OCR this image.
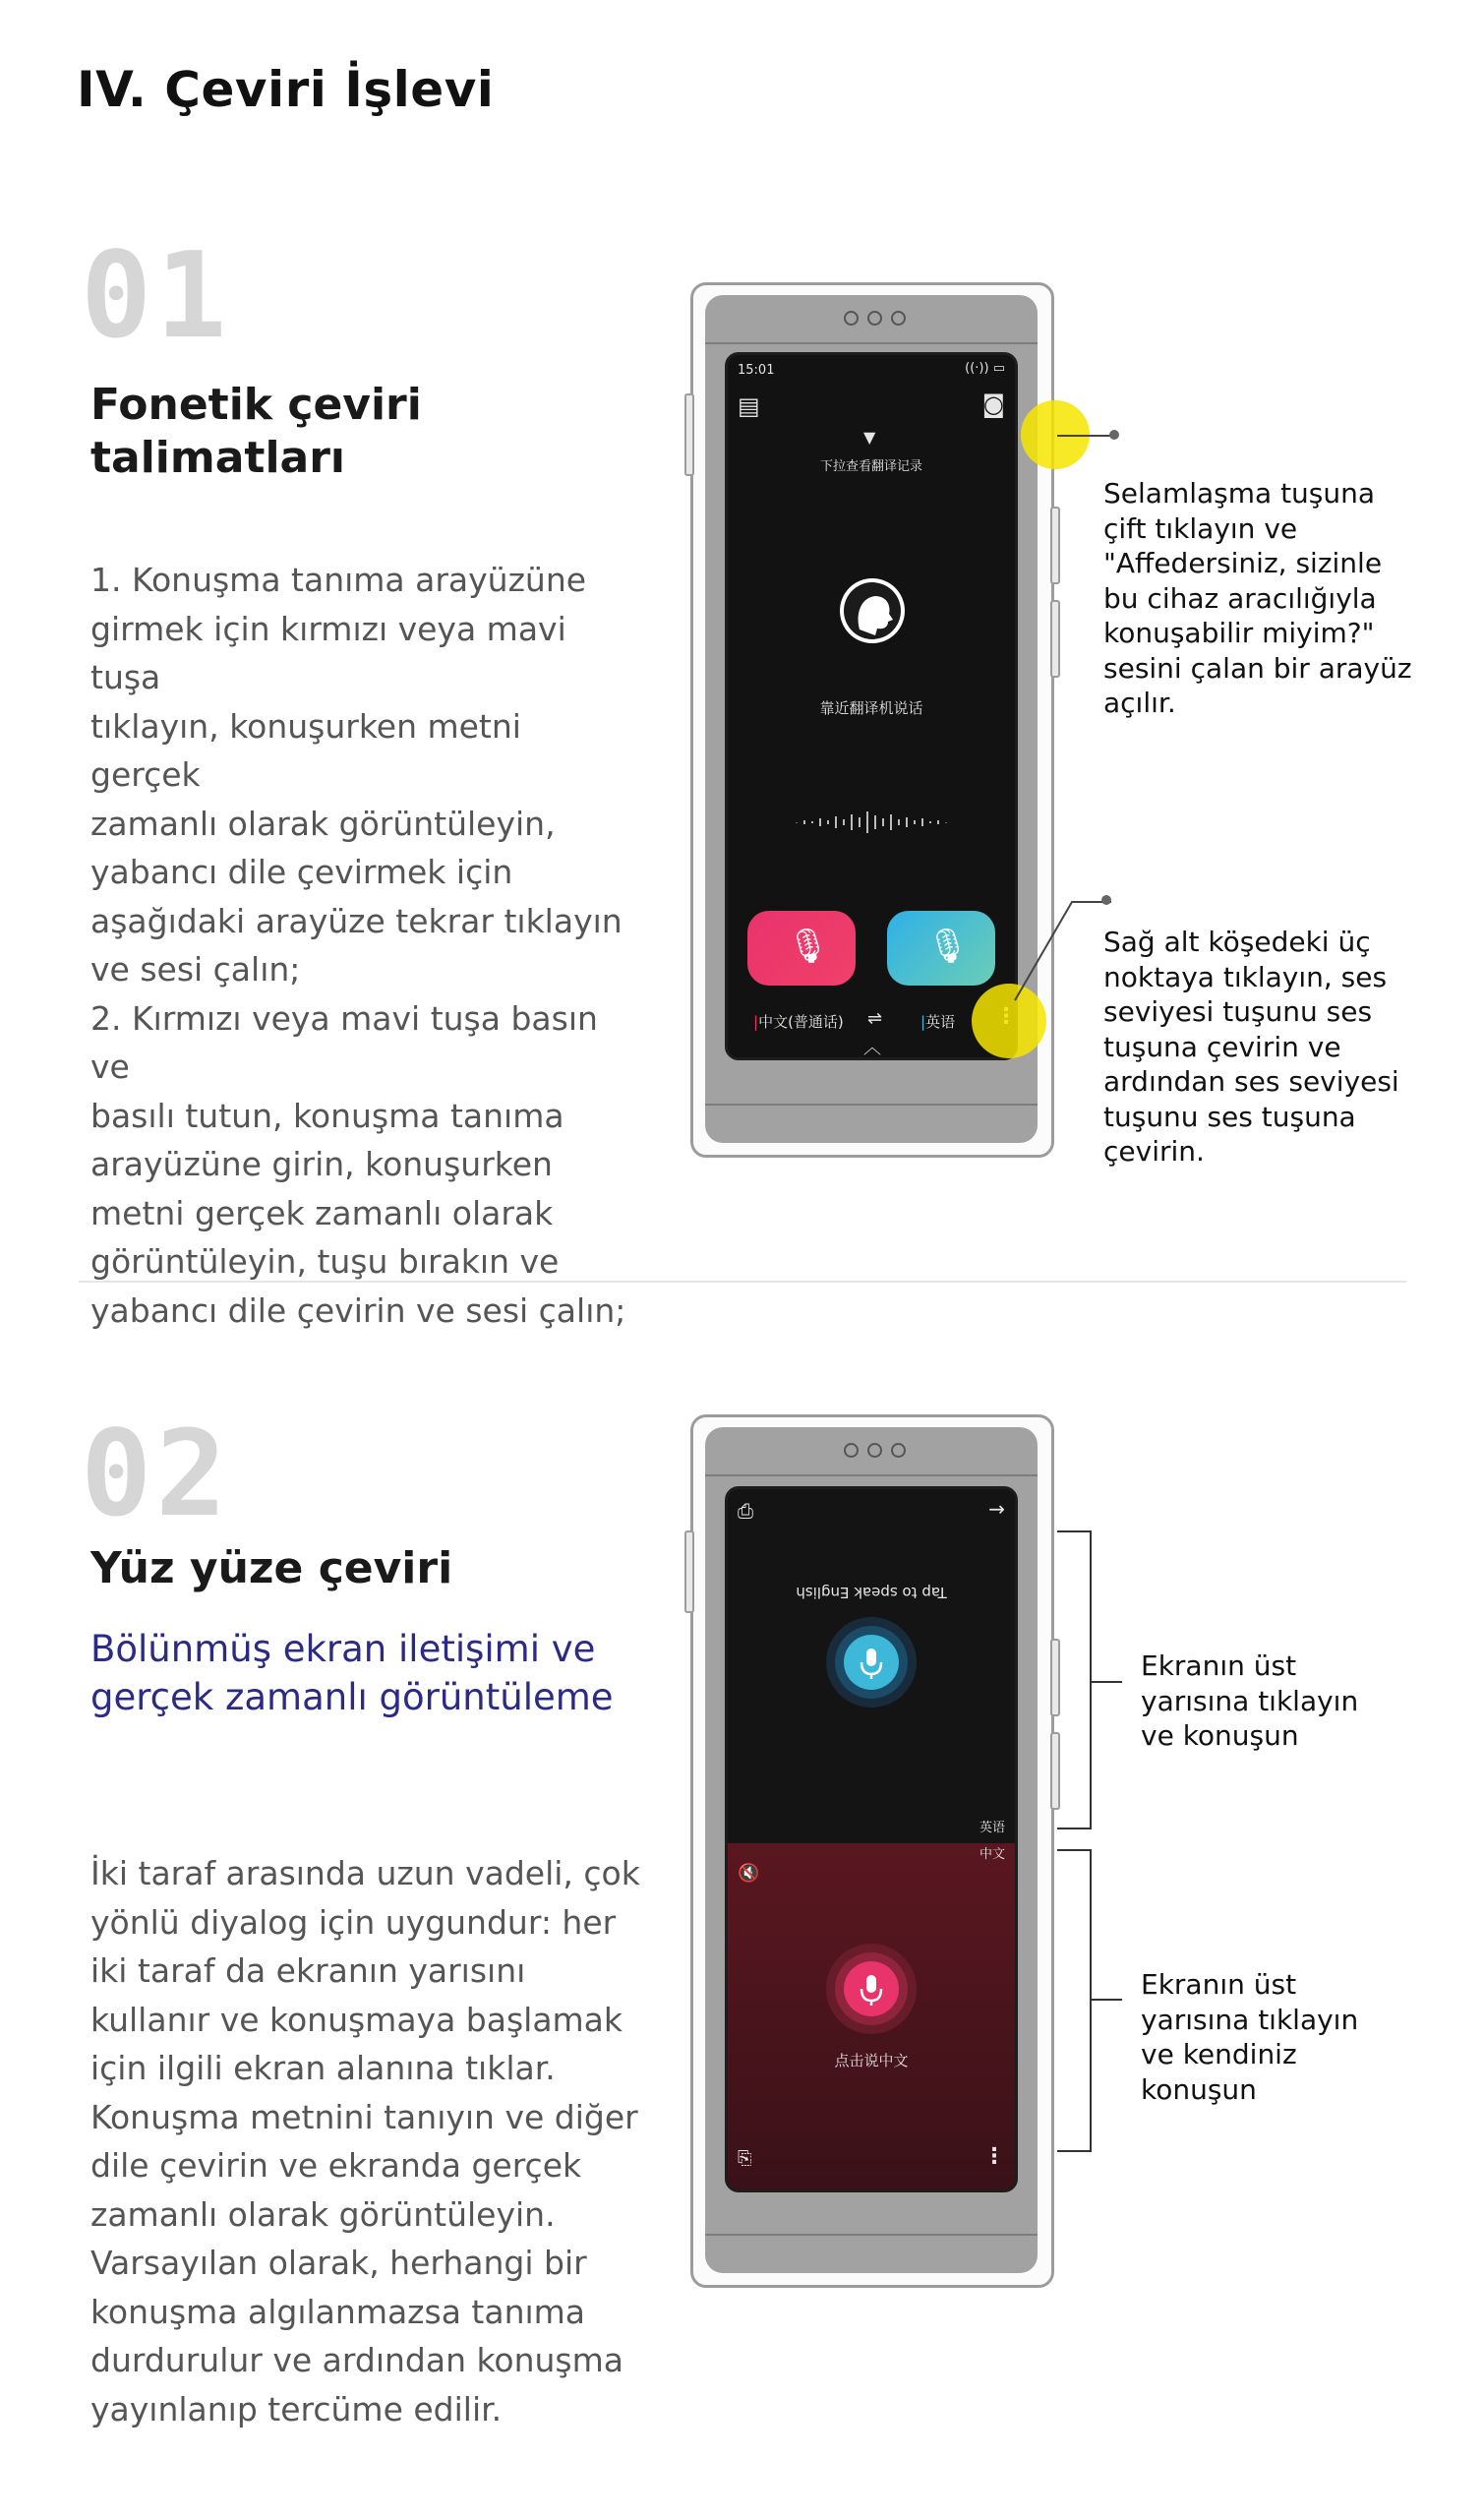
IV. Çeviri İşlevi
01
Fonetik çeviri
talimatları
1. Konuşma tanıma arayüzüne
girmek için kırmızı veya mavi tuşa
tıklayın, konuşurken metni gerçek
zamanlı olarak görüntüleyin,
yabancı dile çevirmek için
aşağıdaki arayüze tekrar tıklayın
ve sesi çalın;
2. Kırmızı veya mavi tuşa basın ve
basılı tutun, konuşma tanıma
arayüzüne girin, konuşurken
metni gerçek zamanlı olarak
görüntüleyin, tuşu bırakın ve
yabancı dile çevirin ve sesi çalın;
15:01	((·)) ▭
▤	◙
▼
下拉查看翻译记录
靠近翻译机说话
🎙	🎙
|中文(普通话) ⇌	|英语
︿
Selamlaşma tuşuna
çift tıklayın ve
"Affedersiniz, sizinle
bu cihaz aracılığıyla
konuşabilir miyim?"
sesini çalan bir arayüz
açılır.
Sağ alt köşedeki üç
noktaya tıklayın, ses
seviyesi tuşunu ses
tuşuna çevirin ve
ardından ses seviyesi
tuşunu ses tuşuna
çevirin.
02
Yüz yüze çeviri
Bölünmüş ekran iletişimi ve
gerçek zamanlı görüntüleme
İki taraf arasında uzun vadeli, çok
yönlü diyalog için uygundur: her
iki taraf da ekranın yarısını
kullanır ve konuşmaya başlamak
için ilgili ekran alanına tıklar.
Konuşma metnini tanıyın ve diğer
dile çevirin ve ekranda gerçek
zamanlı olarak görüntüleyin.
Varsayılan olarak, herhangi bir
konuşma algılanmazsa tanıma
durdurulur ve ardından konuşma
yayınlanıp tercüme edilir.
⎙	→
Tap to speak English
英语
中文
🔇
点击说中文
⎘	⋮
Ekranın üst
yarısına tıklayın
ve konuşun
Ekranın üst
yarısına tıklayın
ve kendiniz
konuşun
